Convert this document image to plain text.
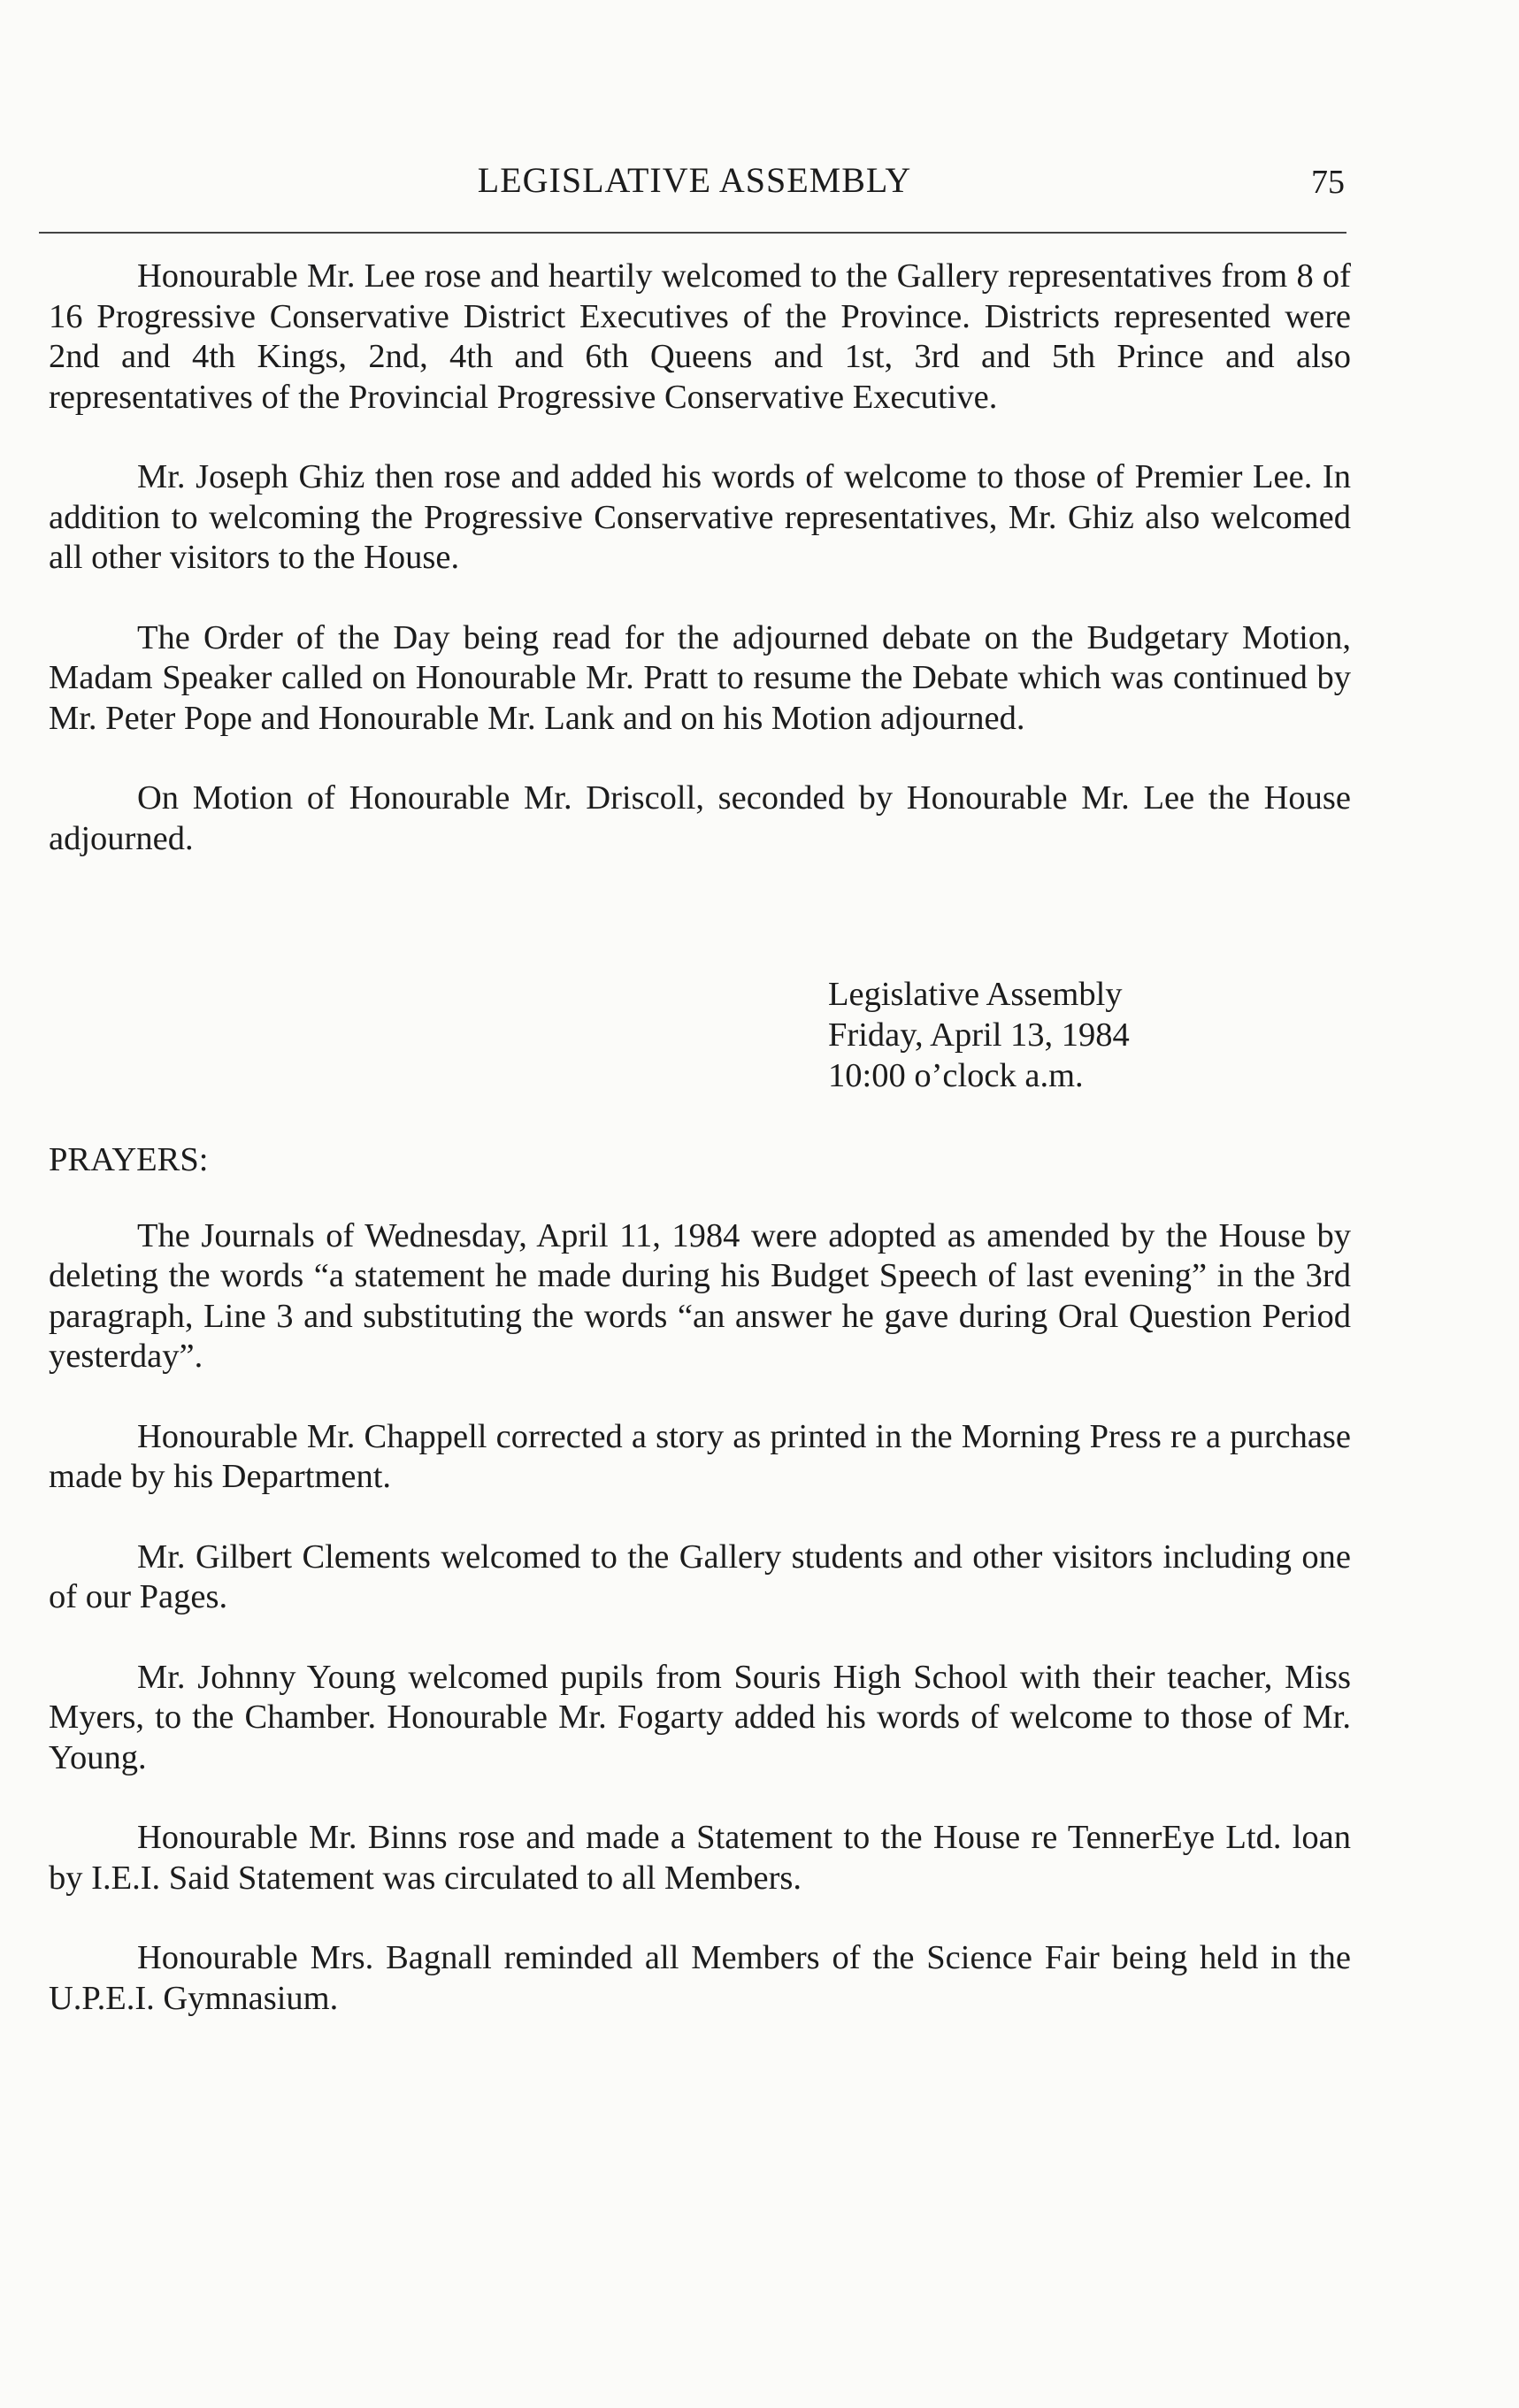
LEGISLATIVE ASSEMBLY	75

Honourable Mr. Lee rose and heartily welcomed to the Gallery representatives from 8 of 16 Progressive Conservative District Executives of the Province. Districts represented were 2nd and 4th Kings, 2nd, 4th and 6th Queens and 1st, 3rd and 5th Prince and also representatives of the Provincial Progressive Conservative Executive.

Mr. Joseph Ghiz then rose and added his words of welcome to those of Premier Lee. In addition to welcoming the Progressive Conservative representatives, Mr. Ghiz also welcomed all other visitors to the House.

The Order of the Day being read for the adjourned debate on the Budgetary Motion, Madam Speaker called on Honourable Mr. Pratt to resume the Debate which was continued by Mr. Peter Pope and Honourable Mr. Lank and on his Motion adjourned.

On Motion of Honourable Mr. Driscoll, seconded by Honourable Mr. Lee the House adjourned.

Legislative Assembly
Friday, April 13, 1984
10:00 o’clock a.m.
PRAYERS:

The Journals of Wednesday, April 11, 1984 were adopted as amended by the House by deleting the words “a statement he made during his Budget Speech of last evening” in the 3rd paragraph, Line 3 and substituting the words “an answer he gave during Oral Question Period yesterday”.

Honourable Mr. Chappell corrected a story as printed in the Morning Press re a purchase made by his Department.

Mr. Gilbert Clements welcomed to the Gallery students and other visitors including one of our Pages.

Mr. Johnny Young welcomed pupils from Souris High School with their teacher, Miss Myers, to the Chamber. Honourable Mr. Fogarty added his words of welcome to those of Mr. Young.

Honourable Mr. Binns rose and made a Statement to the House re TennerEye Ltd. loan by I.E.I. Said Statement was circulated to all Members.

Honourable Mrs. Bagnall reminded all Members of the Science Fair being held in the U.P.E.I. Gymnasium.
